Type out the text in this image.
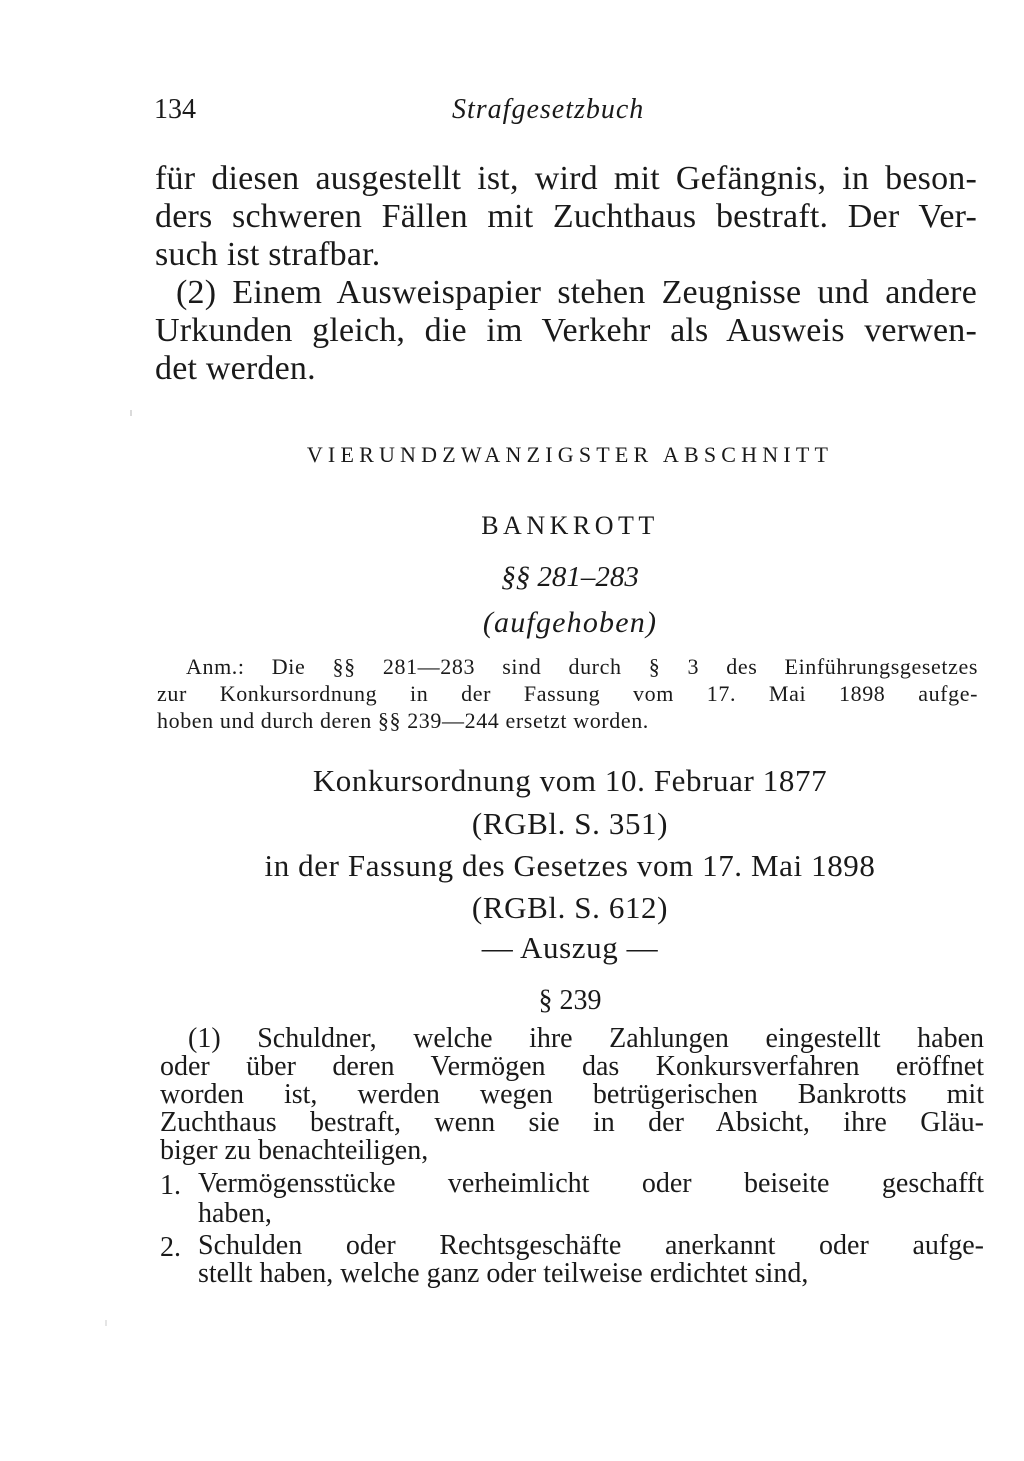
134	Strafgesetzbuch
für diesen ausgestellt ist, wird mit Gefängnis, in beson-
ders schweren Fällen mit Zuchthaus bestraft. Der Ver-
such ist strafbar.
(2) Einem Ausweispapier stehen Zeugnisse und andere
Urkunden gleich, die im Verkehr als Ausweis verwen-
det werden.
VIERUNDZWANZIGSTER ABSCHNITT
BANKROTT
§§ 281–283
(aufgehoben)
Anm.: Die §§ 281—283 sind durch § 3 des Einführungsgesetzes
zur Konkursordnung in der Fassung vom 17. Mai 1898 aufge-
hoben und durch deren §§ 239—244 ersetzt worden.
Konkursordnung vom 10. Februar 1877
(RGBl. S. 351)
in der Fassung des Gesetzes vom 17. Mai 1898
(RGBl. S. 612)
— Auszug —
§ 239
(1) Schuldner, welche ihre Zahlungen eingestellt haben
oder über deren Vermögen das Konkursverfahren eröffnet
worden ist, werden wegen betrügerischen Bankrotts mit
Zuchthaus bestraft, wenn sie in der Absicht, ihre Gläu-
biger zu benachteiligen,
1. Vermögensstücke verheimlicht oder beiseite geschafft
haben,
2. Schulden oder Rechtsgeschäfte anerkannt oder aufge-
stellt haben, welche ganz oder teilweise erdichtet sind,
